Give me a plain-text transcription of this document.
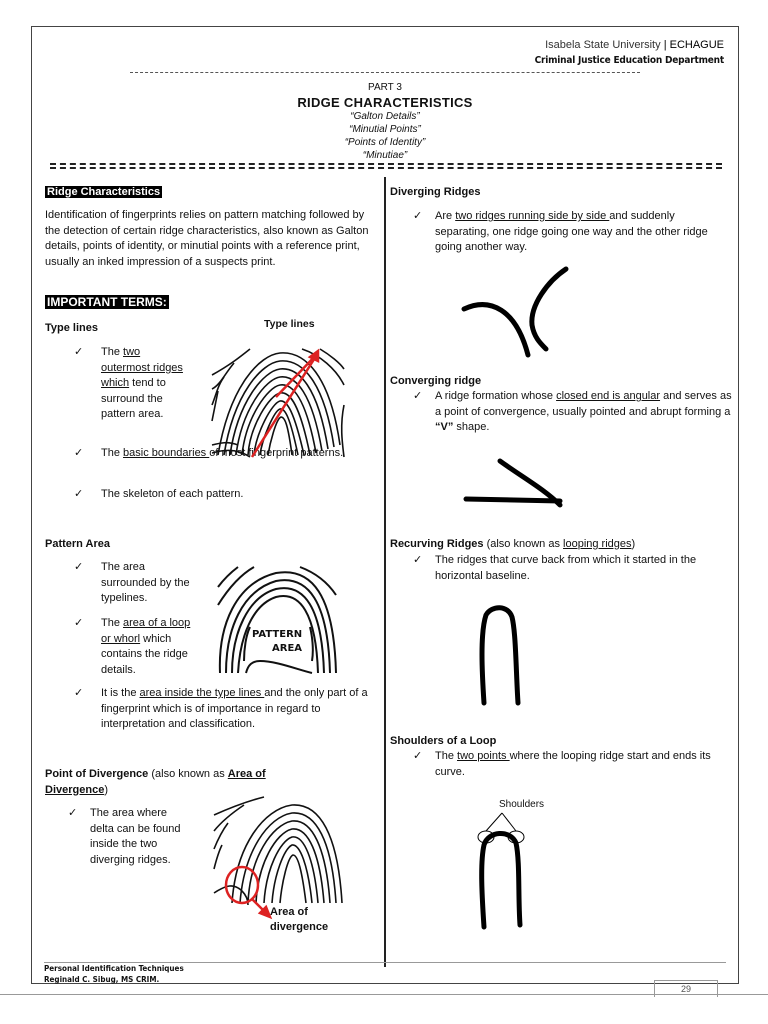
Isabela State University | ECHAGUE
Criminal Justice Education Department
PART 3
RIDGE CHARACTERISTICS
“Galton Details”
“Minutial Points”
“Points of Identity”
“Minutiae”
Ridge Characteristics
Identification of fingerprints relies on pattern matching followed by the detection of certain ridge characteristics, also known as Galton details, points of identity, or minutial points with a reference print, usually an inked impression of a suspects print.
IMPORTANT TERMS:
Type lines	Type lines
✓ The two outermost ridges which tend to surround the pattern area.
✓ The basic boundaries of most fingerprint patterns.
✓ The skeleton of each pattern.
Pattern Area
✓ The area surrounded by the typelines.
✓ The area of a loop or whorl which contains the ridge details.
✓ It is the area inside the type lines and the only part of a fingerprint which is of importance in regard to interpretation and classification.
PATTERN
AREA
Point of Divergence (also known as Area of Divergence)
✓ The area where delta can be found inside the two diverging ridges.
Area of
divergence
Diverging Ridges
✓ Are two ridges running side by side and suddenly separating, one ridge going one way and the other ridge going another way.
Converging ridge
✓ A ridge formation whose closed end is angular and serves as a point of convergence, usually pointed and abrupt forming a “V” shape.
Recurving Ridges (also known as looping ridges)
✓ The ridges that curve back from which it started in the horizontal baseline.
Shoulders of a Loop
✓ The two points where the looping ridge start and ends its curve.
Shoulders
Personal Identification Techniques
Reginald C. Sibug, MS CRIM.
29
